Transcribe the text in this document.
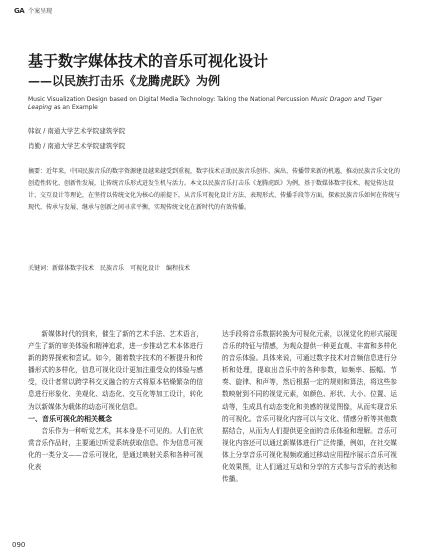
GA 个案呈现
基于数字媒体技术的音乐可视化设计
——以民族打击乐《龙腾虎跃》为例
Music Visualization Design based on Digital Media Technology: Taking the National Percussion Music Dragon and Tiger Leaping as an Example
韩叙 / 南通大学艺术学院建筑学院
肖勤 / 南通大学艺术学院建筑学院
摘要：近年来，中国民族音乐的数字资源建设越来越受到重视，数字技术正助民族音乐创作、演出、传播带来新的机遇，推动民族音乐文化的创造性转化、创新性发展，让传统音乐形式迸发生机与活力。本文以民族音乐打击乐《龙腾虎跃》为例，基于数媒体数字技术、视觉传达设计、交互设计等理论，在坚持以传统文化为核心的前提下，从音乐可视化设计方法、表现形式、传播手段等方面，探索民族音乐如何在传统与现代、传承与发展、继承与创新之间寻求平衡，实现传统文化在新时代的有效传播。
关键词：新媒体数字技术　民族音乐　可视化设计　编程技术

新媒体时代的到来，催生了新的艺术手法、艺术语言，产生了新的审美体验和精神追求，进一步推动艺术本体进行新的跨界探索和尝试。如今，随着数字技术的不断提升和传播形式的多样化，信息可视化设计更加注重受众的体验与感受，设计者常以跨学科交叉融合的方式将原本枯燥繁杂的信息进行形象化、美观化、动态化、交互化等加工设计，转化为以新媒体为载体的动态可视化信息。

一、音乐可视化的相关概念

音乐作为一种听觉艺术，其本身是不可见的。人们在欣赏音乐作品时，主要通过听觉系统获取信息。作为信息可视化的一类分支——音乐可视化，是通过映射关系和各种可视化表

达手段将音乐数据转换为可视化元素，以视觉化的形式展现音乐的特征与情感，为观众提供一种更直观、丰富和多样化的音乐体验。具体来说，可通过数字技术对音频信息进行分析和处理，提取出音乐中的各种参数，如频率、振幅、节奏、旋律、和声等，然后根据一定的规则和算法，将这些参数映射到不同的视觉元素，如颜色、形状、大小、位置、运动等，生成具有动态变化和美感的视觉图像，从而实现音乐的可视化。音乐可视化内容可以与文化、情感分析等其他数据结合，从而为人们提供更全面的音乐体验和理解。音乐可视化内容还可以通过新媒体进行广泛传播，例如，在社交媒体上分享音乐可视化视频或通过移动应用程序展示音乐可视化效果图，让人们通过互动和分享的方式参与音乐的表达和传播。

090
